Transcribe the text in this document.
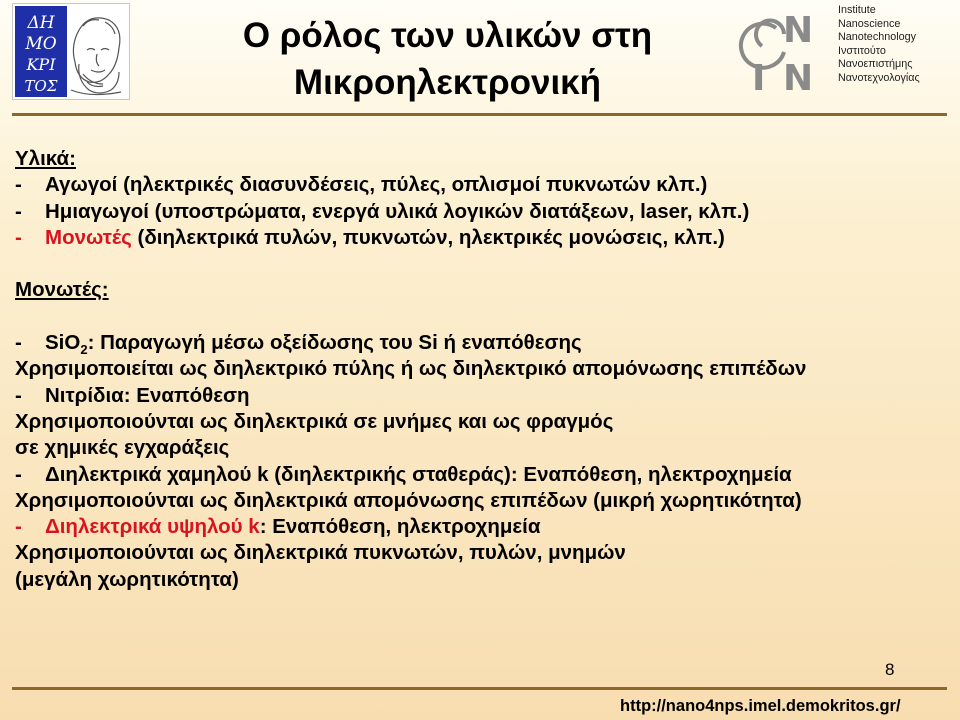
ΔΗ
ΜΟ
ΚΡΙ
ΤΟΣ
Ο ρόλος των υλικών στη
Μικροηλεκτρονική
N
I N
Institute
Nanoscience
Nanotechnology
Ινστιτούτο
Νανοεπιστήμης
Νανοτεχνολογίας
Υλικά:
- Αγωγοί (ηλεκτρικές διασυνδέσεις, πύλες, οπλισμοί πυκνωτών κλπ.)
- Ημιαγωγοί (υποστρώματα, ενεργά υλικά λογικών διατάξεων, laser, κλπ.)
- Μονωτές (διηλεκτρικά πυλών, πυκνωτών, ηλεκτρικές μονώσεις, κλπ.)
Μονωτές:
- SiO$_2$: Παραγωγή μέσω οξείδωσης του Si ή εναπόθεσης
Χρησιμοποιείται ως διηλεκτρικό πύλης ή ως διηλεκτρικό απομόνωσης επιπέδων
- Νιτρίδια: Εναπόθεση
Χρησιμοποιούνται ως διηλεκτρικά σε μνήμες και ως φραγμός
σε χημικές εγχαράξεις
- Διηλεκτρικά χαμηλού k (διηλεκτρικής σταθεράς): Εναπόθεση, ηλεκτροχημεία
Χρησιμοποιούνται ως διηλεκτρικά απομόνωσης επιπέδων (μικρή χωρητικότητα)
- Διηλεκτρικά υψηλού k: Εναπόθεση, ηλεκτροχημεία
Χρησιμοποιούνται ως διηλεκτρικά πυκνωτών, πυλών, μνημών
(μεγάλη χωρητικότητα)
8
http://nano4nps.imel.demokritos.gr/
